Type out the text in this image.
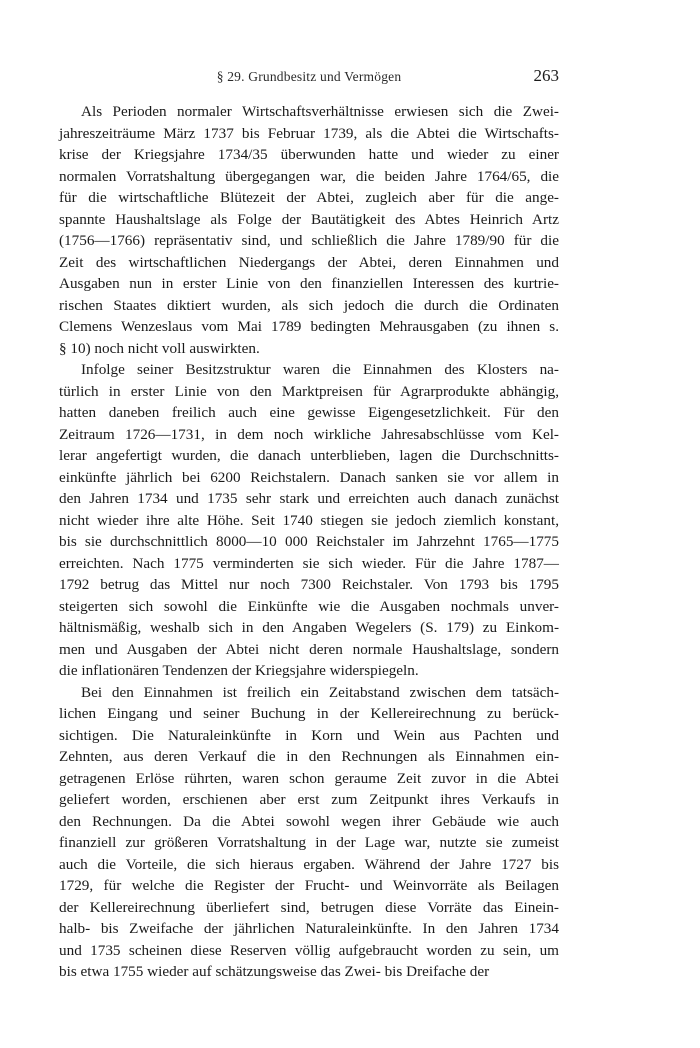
§ 29. Grundbesitz und Vermögen	263
Als Perioden normaler Wirtschaftsverhältnisse erwiesen sich die Zwei-
jahreszeiträume März 1737 bis Februar 1739, als die Abtei die Wirtschafts-
krise der Kriegsjahre 1734/35 überwunden hatte und wieder zu einer
normalen Vorratshaltung übergegangen war, die beiden Jahre 1764/65, die
für die wirtschaftliche Blütezeit der Abtei, zugleich aber für die ange-
spannte Haushaltslage als Folge der Bautätigkeit des Abtes Heinrich Artz
(1756—1766) repräsentativ sind, und schließlich die Jahre 1789/90 für die
Zeit des wirtschaftlichen Niedergangs der Abtei, deren Einnahmen und
Ausgaben nun in erster Linie von den finanziellen Interessen des kurtrie-
rischen Staates diktiert wurden, als sich jedoch die durch die Ordinaten
Clemens Wenzeslaus vom Mai 1789 bedingten Mehrausgaben (zu ihnen s.
§ 10) noch nicht voll auswirkten.
Infolge seiner Besitzstruktur waren die Einnahmen des Klosters na-
türlich in erster Linie von den Marktpreisen für Agrarprodukte abhängig,
hatten daneben freilich auch eine gewisse Eigengesetzlichkeit. Für den
Zeitraum 1726—1731, in dem noch wirkliche Jahresabschlüsse vom Kel-
lerar angefertigt wurden, die danach unterblieben, lagen die Durchschnitts-
einkünfte jährlich bei 6200 Reichstalern. Danach sanken sie vor allem in
den Jahren 1734 und 1735 sehr stark und erreichten auch danach zunächst
nicht wieder ihre alte Höhe. Seit 1740 stiegen sie jedoch ziemlich konstant,
bis sie durchschnittlich 8000—10 000 Reichstaler im Jahrzehnt 1765—1775
erreichten. Nach 1775 verminderten sie sich wieder. Für die Jahre 1787—
1792 betrug das Mittel nur noch 7300 Reichstaler. Von 1793 bis 1795
steigerten sich sowohl die Einkünfte wie die Ausgaben nochmals unver-
hältnismäßig, weshalb sich in den Angaben Wegelers (S. 179) zu Einkom-
men und Ausgaben der Abtei nicht deren normale Haushaltslage, sondern
die inflationären Tendenzen der Kriegsjahre widerspiegeln.
Bei den Einnahmen ist freilich ein Zeitabstand zwischen dem tatsäch-
lichen Eingang und seiner Buchung in der Kellereirechnung zu berück-
sichtigen. Die Naturaleinkünfte in Korn und Wein aus Pachten und
Zehnten, aus deren Verkauf die in den Rechnungen als Einnahmen ein-
getragenen Erlöse rührten, waren schon geraume Zeit zuvor in die Abtei
geliefert worden, erschienen aber erst zum Zeitpunkt ihres Verkaufs in
den Rechnungen. Da die Abtei sowohl wegen ihrer Gebäude wie auch
finanziell zur größeren Vorratshaltung in der Lage war, nutzte sie zumeist
auch die Vorteile, die sich hieraus ergaben. Während der Jahre 1727 bis
1729, für welche die Register der Frucht- und Weinvorräte als Beilagen
der Kellereirechnung überliefert sind, betrugen diese Vorräte das Einein-
halb- bis Zweifache der jährlichen Naturaleinkünfte. In den Jahren 1734
und 1735 scheinen diese Reserven völlig aufgebraucht worden zu sein, um
bis etwa 1755 wieder auf schätzungsweise das Zwei- bis Dreifache der
